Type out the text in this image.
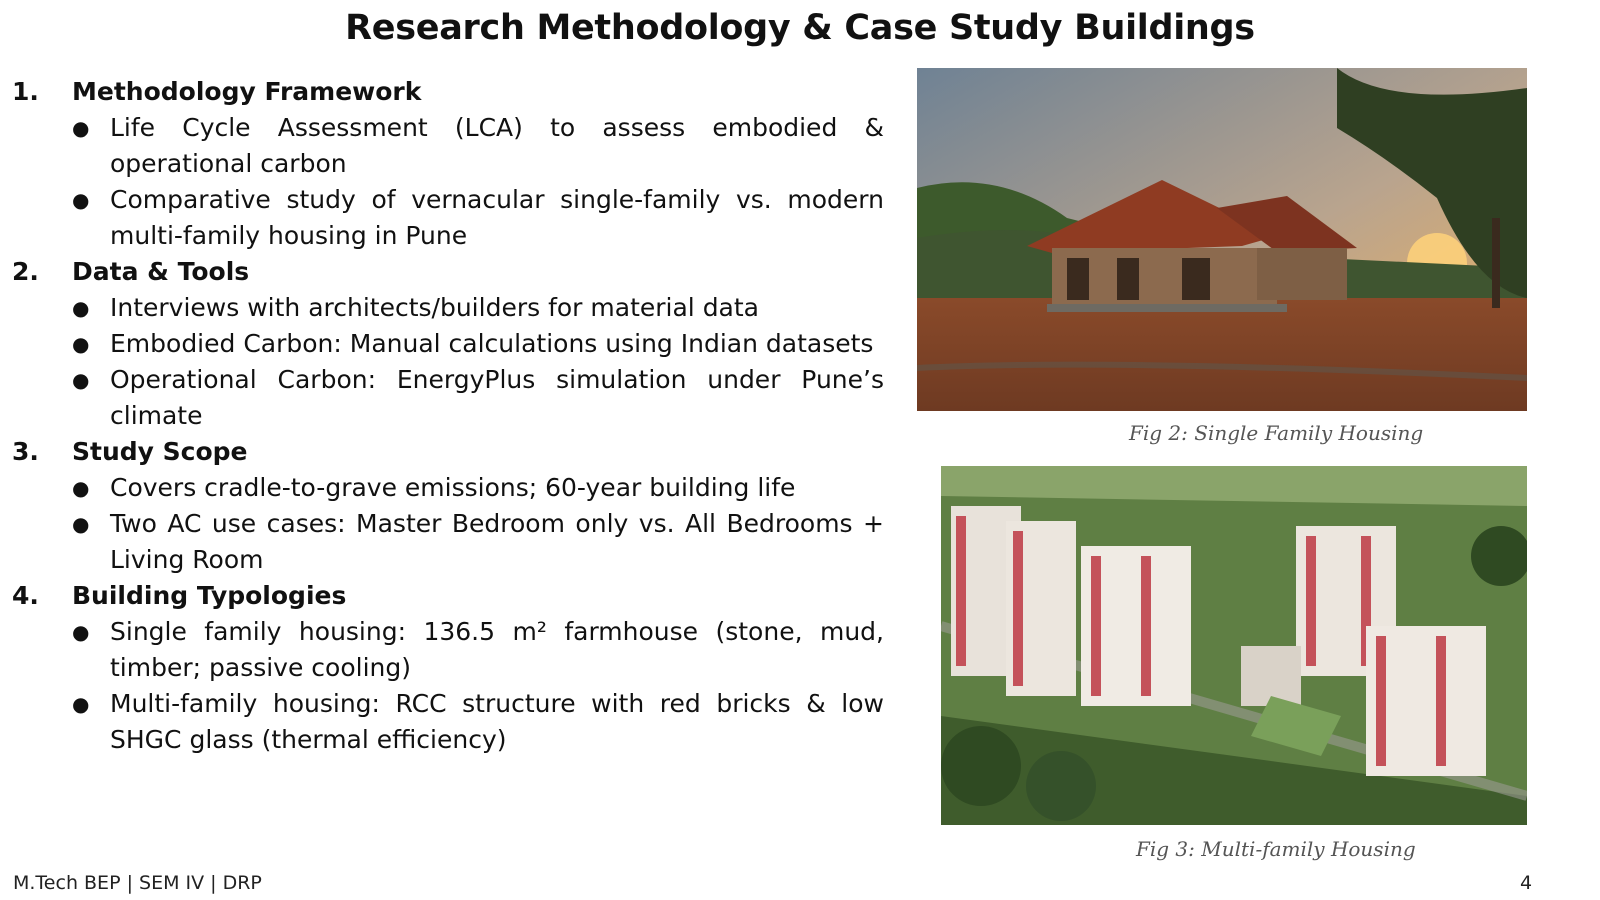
Research Methodology & Case Study Buildings
1.	Methodology Framework
● Life Cycle Assessment (LCA) to assess embodied & operational carbon
● Comparative study of vernacular single-family vs. modern multi-family housing in Pune
2.	Data & Tools
● Interviews with architects/builders for material data
● Embodied Carbon: Manual calculations using Indian datasets
● Operational Carbon: EnergyPlus simulation under Pune’s climate
3.	Study Scope
● Covers cradle-to-grave emissions; 60-year building life
● Two AC use cases: Master Bedroom only vs. All Bedrooms + Living Room
4.	Building Typologies
● Single family housing: 136.5 m² farmhouse (stone, mud, timber; passive cooling)
● Multi-family housing: RCC structure with red bricks & low SHGC glass (thermal efficiency)
Fig 2: Single Family Housing
Fig 3: Multi-family Housing
M.Tech BEP | SEM IV | DRP	4
